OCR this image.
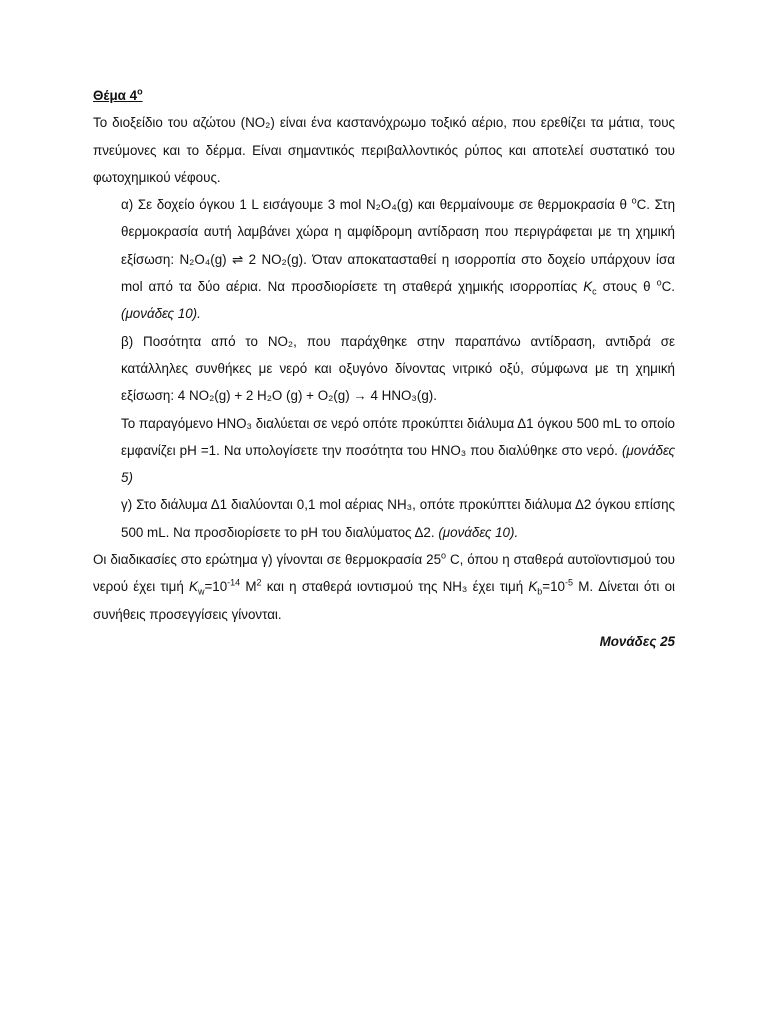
Θέμα $4^o$

Το διοξείδιο του αζώτου (NO₂) είναι ένα καστανόχρωμο τοξικό αέριο, που ερεθίζει τα μάτια, τους πνεύμονες και το δέρμα. Είναι σημαντικός περιβαλλοντικός ρύπος και αποτελεί συστατικό του φωτοχημικού νέφους.

α) Σε δοχείο όγκου 1 L εισάγουμε 3 mol N₂O₄(g) και θερμαίνουμε σε θερμοκρασία θ $^o$C. Στη θερμοκρασία αυτή λαμβάνει χώρα η αμφίδρομη αντίδραση που περιγράφεται με τη χημική εξίσωση: N₂O₄(g) ⇌ 2 NO₂(g). Όταν αποκατασταθεί η ισορροπία στο δοχείο υπάρχουν ίσα mol από τα δύο αέρια. Να προσδιορίσετε τη σταθερά χημικής ισορροπίας $K_c$ στους θ $^o$C. (μονάδες 10).

β) Ποσότητα από το NO₂, που παράχθηκε στην παραπάνω αντίδραση, αντιδρά σε κατάλληλες συνθήκες με νερό και οξυγόνο δίνοντας νιτρικό οξύ, σύμφωνα με τη χημική εξίσωση: 4 NO₂(g) + 2 H₂O (g) + O₂(g) → 4 HNO₃(g).

Το παραγόμενο HNO₃ διαλύεται σε νερό οπότε προκύπτει διάλυμα Δ1 όγκου 500 mL το οποίο εμφανίζει pH =1. Να υπολογίσετε την ποσότητα του HNO₃ που διαλύθηκε στο νερό. (μονάδες 5)

γ) Στο διάλυμα Δ1 διαλύονται 0,1 mol αέριας NH₃, οπότε προκύπτει διάλυμα Δ2 όγκου επίσης 500 mL. Να προσδιορίσετε το pH του διαλύματος Δ2. (μονάδες 10).

Οι διαδικασίες στο ερώτημα γ) γίνονται σε θερμοκρασία $25^o$ C, όπου η σταθερά αυτοϊοντισμού του νερού έχει τιμή $K_w=10^{-14}$ $M^2$ και η σταθερά ιοντισμού της NH₃ έχει τιμή $K_b=10^{-5}$ M. Δίνεται ότι οι συνήθεις προσεγγίσεις γίνονται.

Μονάδες 25
